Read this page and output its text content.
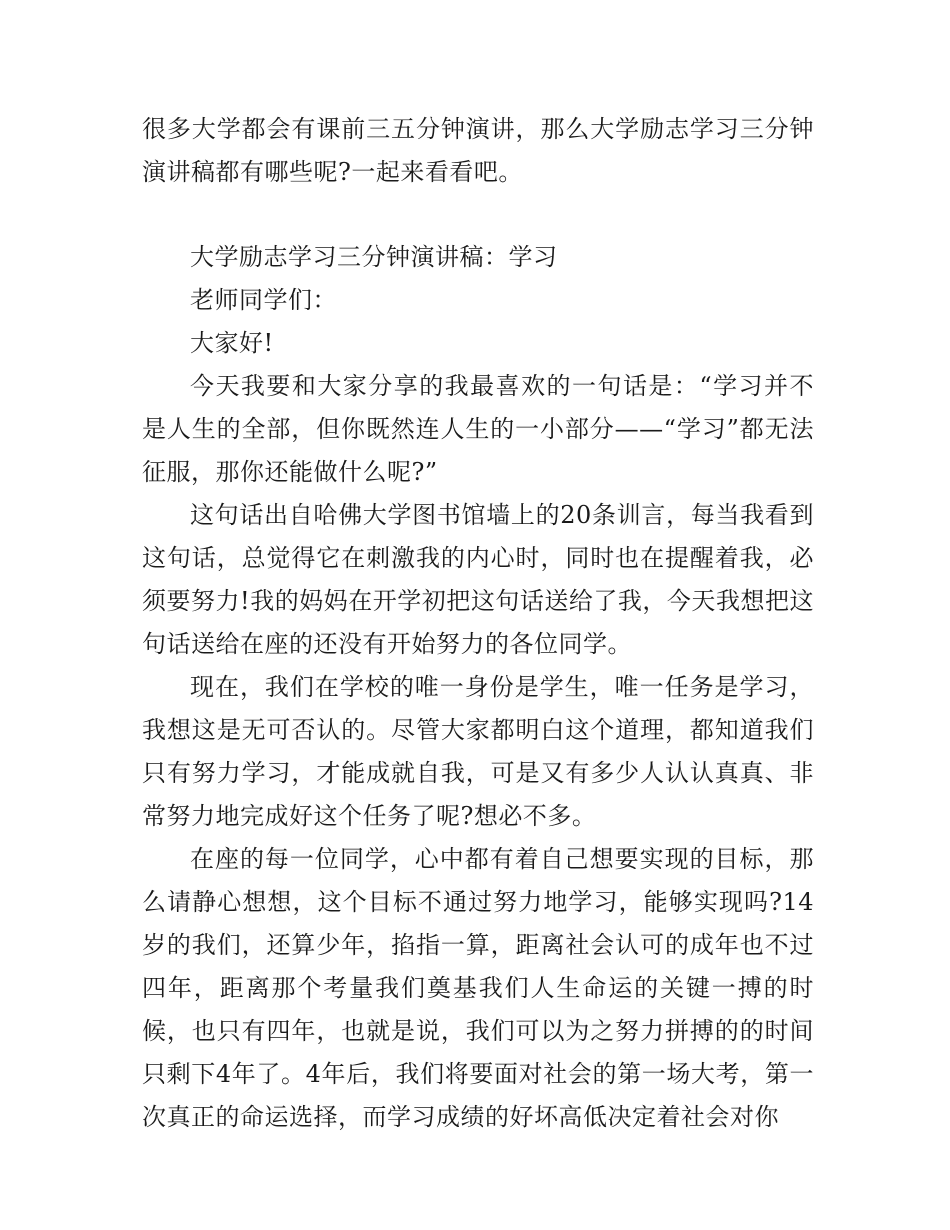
很多大学都会有课前三五分钟演讲，那么大学励志学习三分钟演讲稿都有哪些呢?一起来看看吧。

大学励志学习三分钟演讲稿：学习

老师同学们：

大家好!

今天我要和大家分享的我最喜欢的一句话是：“学习并不是人生的全部，但你既然连人生的一小部分——“学习”都无法征服，那你还能做什么呢?”

这句话出自哈佛大学图书馆墙上的20条训言，每当我看到这句话，总觉得它在刺激我的内心时，同时也在提醒着我，必须要努力!我的妈妈在开学初把这句话送给了我，今天我想把这句话送给在座的还没有开始努力的各位同学。

现在，我们在学校的唯一身份是学生，唯一任务是学习，我想这是无可否认的。尽管大家都明白这个道理，都知道我们只有努力学习，才能成就自我，可是又有多少人认认真真、非常努力地完成好这个任务了呢?想必不多。

在座的每一位同学，心中都有着自己想要实现的目标，那么请静心想想，这个目标不通过努力地学习，能够实现吗?14岁的我们，还算少年，掐指一算，距离社会认可的成年也不过四年，距离那个考量我们奠基我们人生命运的关键一搏的时候，也只有四年，也就是说，我们可以为之努力拼搏的的时间只剩下4年了。4年后，我们将要面对社会的第一场大考，第一次真正的命运选择，而学习成绩的好坏高低决定着社会对你
